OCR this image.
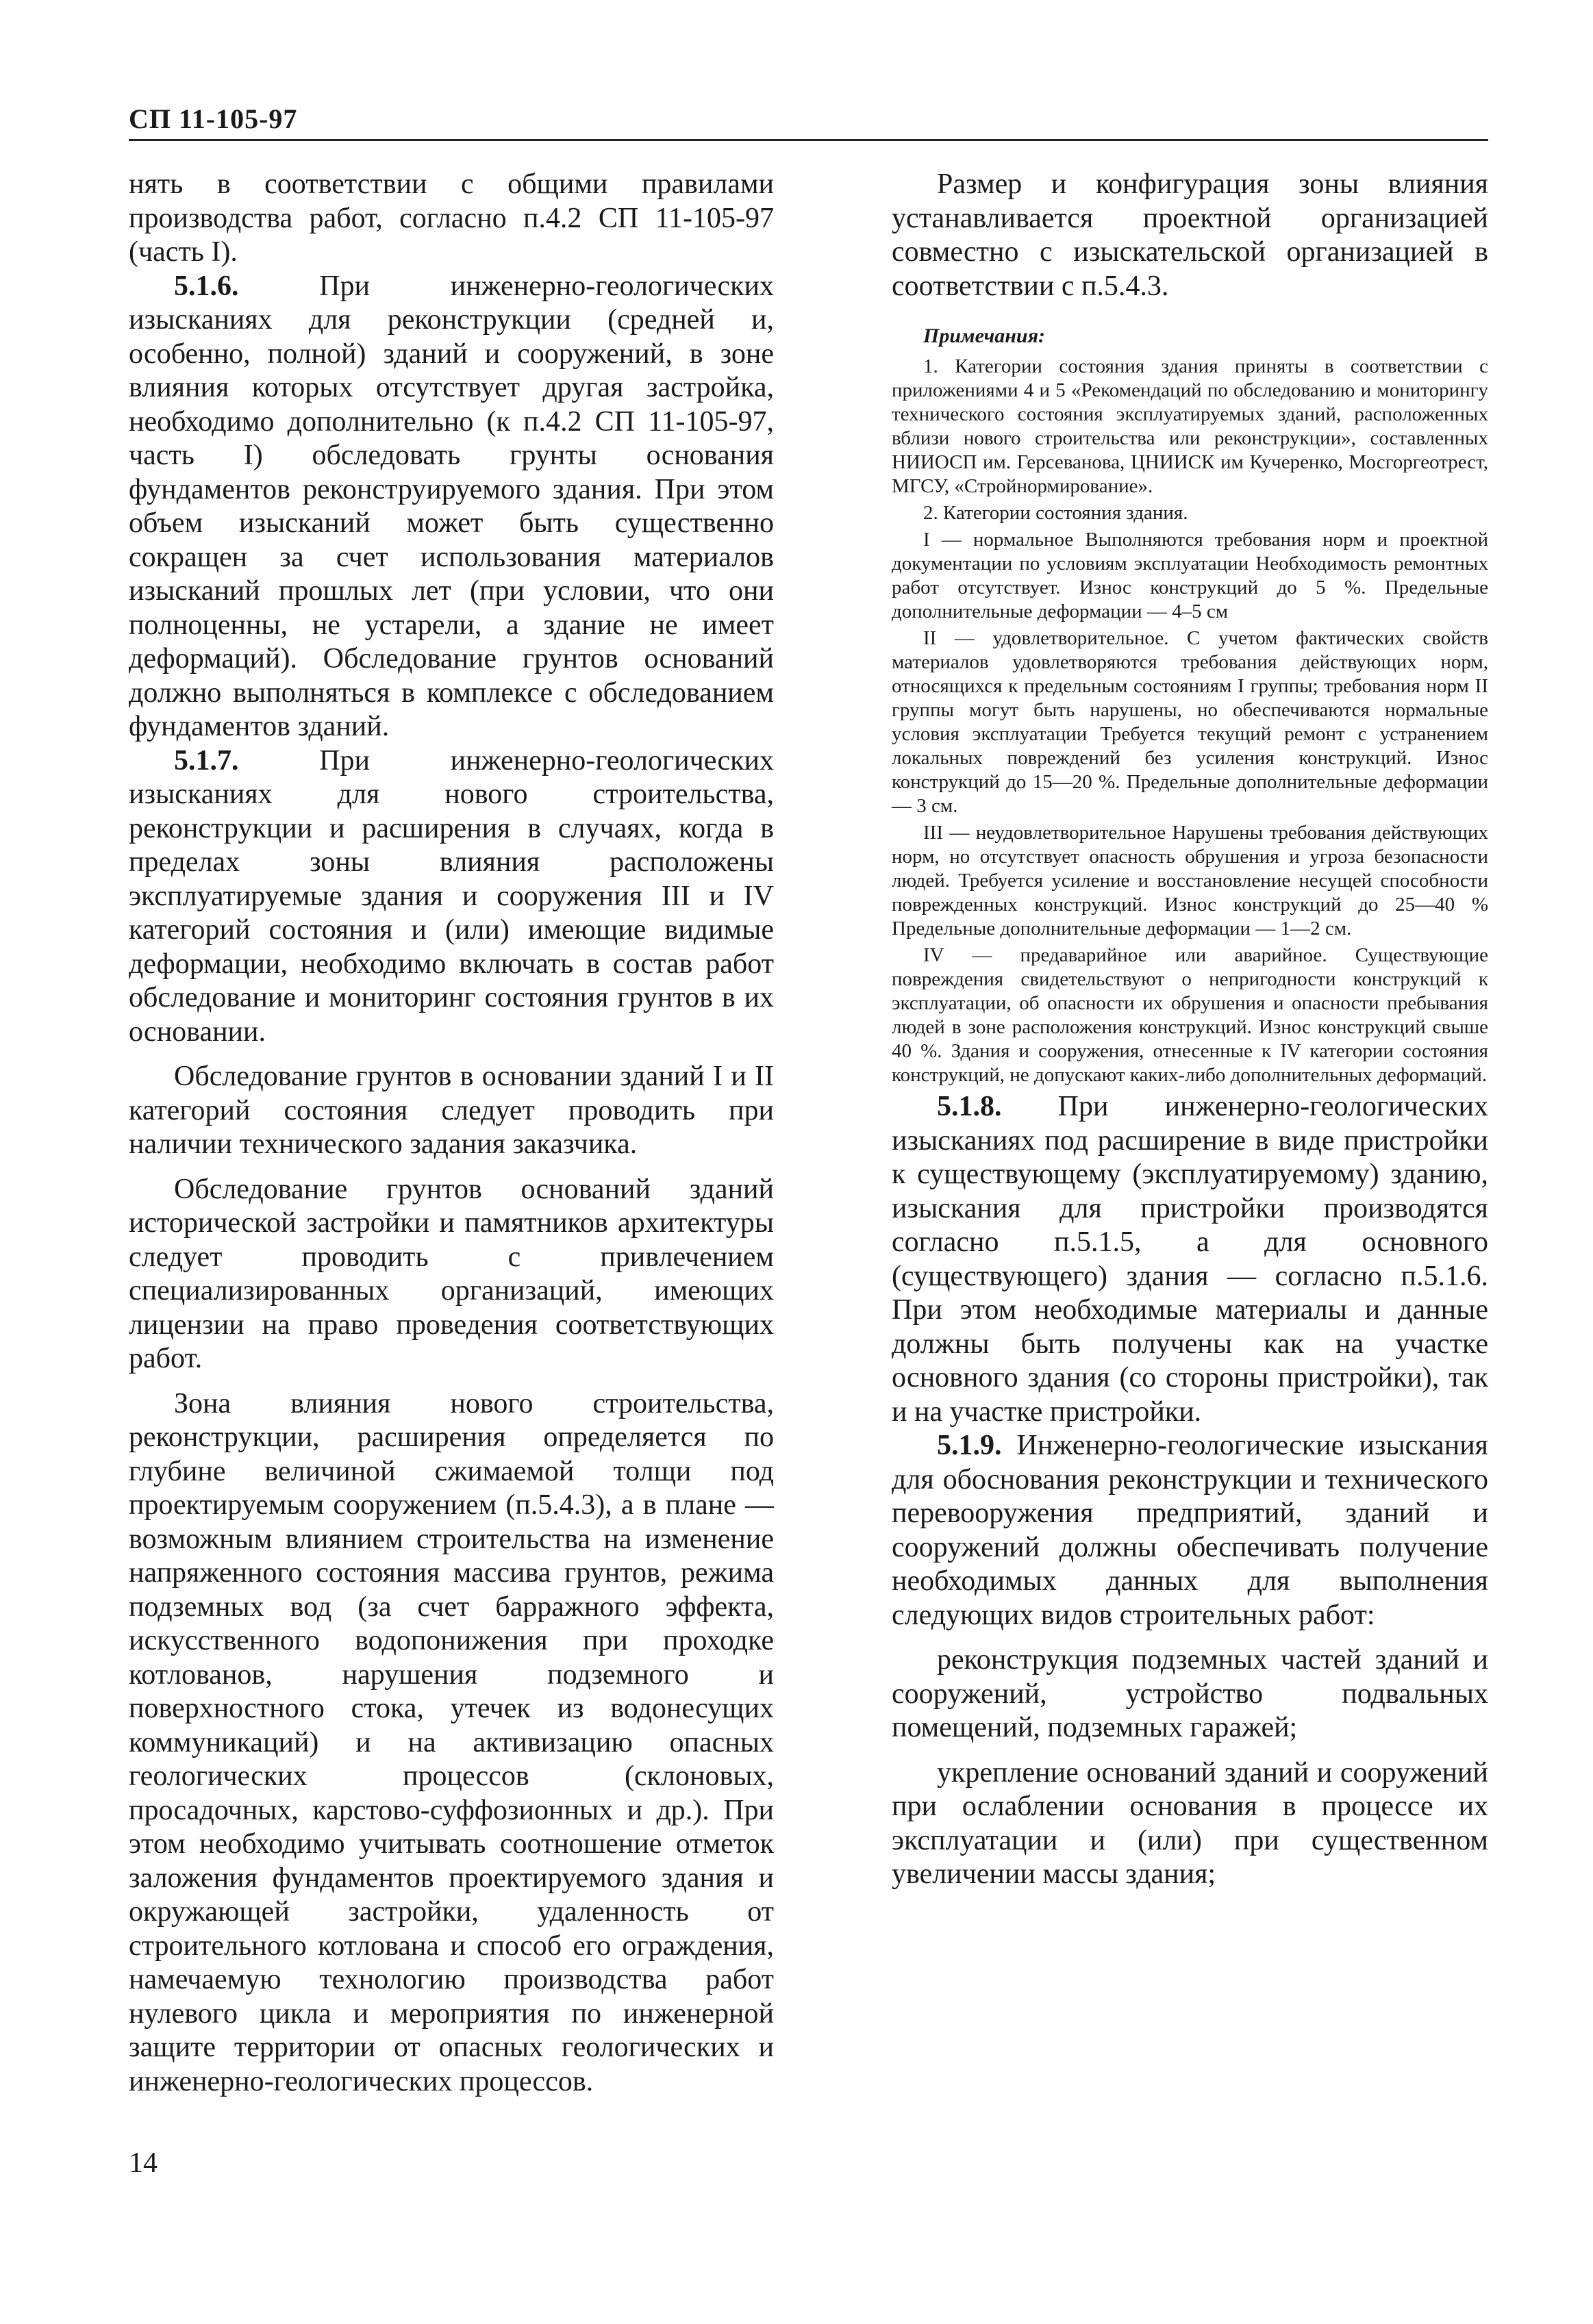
СП 11-105-97

нять в соответствии с общими правилами производства работ, согласно п.4.2 СП 11-105-97 (часть I).

5.1.6.	При инженерно-геологических изысканиях для реконструкции (средней и, особенно, полной) зданий и сооружений, в зоне влияния которых отсутствует другая застройка, необходимо дополнительно (к п.4.2 СП 11-105-97, часть I) обследовать грунты основания фундаментов реконструируемого здания. При этом объем изысканий может быть существенно сокращен за счет использования материалов изысканий прошлых лет (при условии, что они полноценны, не устарели, а здание не имеет деформаций). Обследование грунтов оснований должно выполняться в комплексе с обследованием фундаментов зданий.

5.1.7.	При инженерно-геологических изысканиях для нового строительства, реконструкции и расширения в случаях, когда в пределах зоны влияния расположены эксплуатируемые здания и сооружения III и IV категорий состояния и (или) имеющие видимые деформации, необходимо включать в состав работ обследование и мониторинг состояния грунтов в их основании.

Обследование грунтов в основании зданий I и II категорий состояния следует проводить при наличии технического задания заказчика.

Обследование грунтов оснований зданий исторической застройки и памятников архитектуры следует проводить с привлечением специализированных организаций, имеющих лицензии на право проведения соответствующих работ.

Зона влияния нового строительства, реконструкции, расширения определяется по глубине величиной сжимаемой толщи под проектируемым сооружением (п.5.4.3), а в плане — возможным влиянием строительства на изменение напряженного состояния массива грунтов, режима подземных вод (за счет барражного эффекта, искусственного водопонижения при проходке котлованов, нарушения подземного и поверхностного стока, утечек из водонесущих коммуникаций) и на активизацию опасных геологических процессов (склоновых, просадочных, карстово-суффозионных и др.). При этом необходимо учитывать соотношение отметок заложения фундаментов проектируемого здания и окружающей застройки, удаленность от строительного котлована и способ его ограждения, намечаемую технологию производства работ нулевого цикла и мероприятия по инженерной защите территории от опасных геологических и инженерно-геологических процессов.

Размер и конфигурация зоны влияния устанавливается проектной организацией совместно с изыскательской организацией в соответствии с п.5.4.3.

Примечания:

1. Категории состояния здания приняты в соответствии с приложениями 4 и 5 «Рекомендаций по обследованию и мониторингу технического состояния эксплуатируемых зданий, расположенных вблизи нового строительства или реконструкции», составленных НИИОСП им. Герсеванова, ЦНИИСК им Кучеренко, Мосгоргеотрест, МГСУ, «Стройнормирование».

2. Категории состояния здания.

I — нормальное Выполняются требования норм и проектной документации по условиям эксплуатации Необходимость ремонтных работ отсутствует. Износ конструкций до 5 %. Предельные дополнительные деформации — 4–5 см

II — удовлетворительное. С учетом фактических свойств материалов удовлетворяются требования действующих норм, относящихся к предельным состояниям I группы; требования норм II группы могут быть нарушены, но обеспечиваются нормальные условия эксплуатации Требуется текущий ремонт с устранением локальных повреждений без усиления конструкций. Износ конструкций до 15—20 %. Предельные дополнительные деформации — 3 см.

III — неудовлетворительное Нарушены требования действующих норм, но отсутствует опасность обрушения и угроза безопасности людей. Требуется усиление и восстановление несущей способности поврежденных конструкций. Износ конструкций до 25—40 % Предельные дополнительные деформации — 1—2 см.

IV — предаварийное или аварийное. Существующие повреждения свидетельствуют о непригодности конструкций к эксплуатации, об опасности их обрушения и опасности пребывания людей в зоне расположения конструкций. Износ конструкций свыше 40 %. Здания и сооружения, отнесенные к IV категории состояния конструкций, не допускают каких-либо дополнительных деформаций.

5.1.8. При инженерно-геологических изысканиях под расширение в виде пристройки к существующему (эксплуатируемому) зданию, изыскания для пристройки производятся согласно п.5.1.5, а для основного (существующего) здания — согласно п.5.1.6. При этом необходимые материалы и данные должны быть получены как на участке основного здания (со стороны пристройки), так и на участке пристройки.

5.1.9. Инженерно-геологические изыскания для обоснования реконструкции и технического перевооружения предприятий, зданий и сооружений должны обеспечивать получение необходимых данных для выполнения следующих видов строительных работ:

реконструкция подземных частей зданий и сооружений, устройство подвальных помещений, подземных гаражей;

укрепление оснований зданий и сооружений при ослаблении основания в процессе их эксплуатации и (или) при существенном увеличении массы здания;

14
